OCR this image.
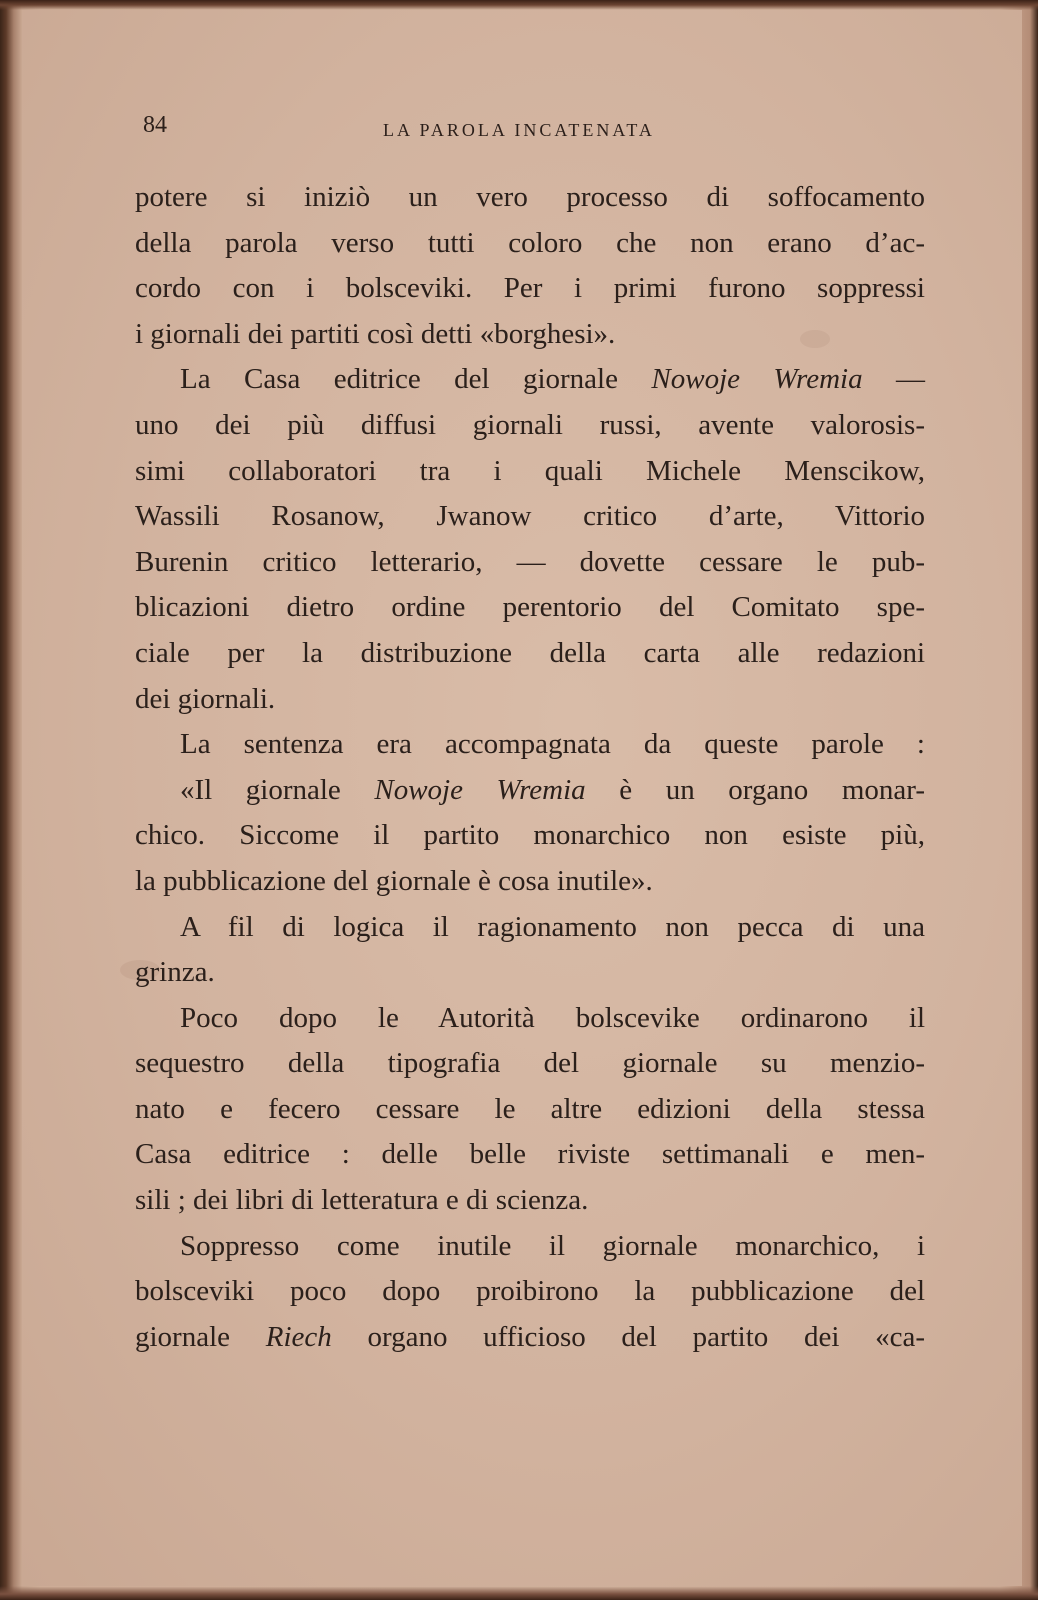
84	LA PAROLA INCATENATA
potere si iniziò un vero processo di soffocamento
della parola verso tutti coloro che non erano d’ac-
cordo con i bolsceviki. Per i primi furono soppressi
i giornali dei partiti così detti «borghesi».
La Casa editrice del giornale Nowoje Wremia —
uno dei più diffusi giornali russi, avente valorosis-
simi collaboratori tra i quali Michele Menscikow,
Wassili Rosanow, Jwanow critico d’arte, Vittorio
Burenin critico letterario, — dovette cessare le pub-
blicazioni dietro ordine perentorio del Comitato spe-
ciale per la distribuzione della carta alle redazioni
dei giornali.
La sentenza era accompagnata da queste parole :
«Il giornale Nowoje Wremia è un organo monar-
chico. Siccome il partito monarchico non esiste più,
la pubblicazione del giornale è cosa inutile».
A fil di logica il ragionamento non pecca di una
grinza.
Poco dopo le Autorità bolscevike ordinarono il
sequestro della tipografia del giornale su menzio-
nato e fecero cessare le altre edizioni della stessa
Casa editrice : delle belle riviste settimanali e men-
sili ; dei libri di letteratura e di scienza.
Soppresso come inutile il giornale monarchico, i
bolsceviki poco dopo proibirono la pubblicazione del
giornale Riech organo ufficioso del partito dei «ca-
